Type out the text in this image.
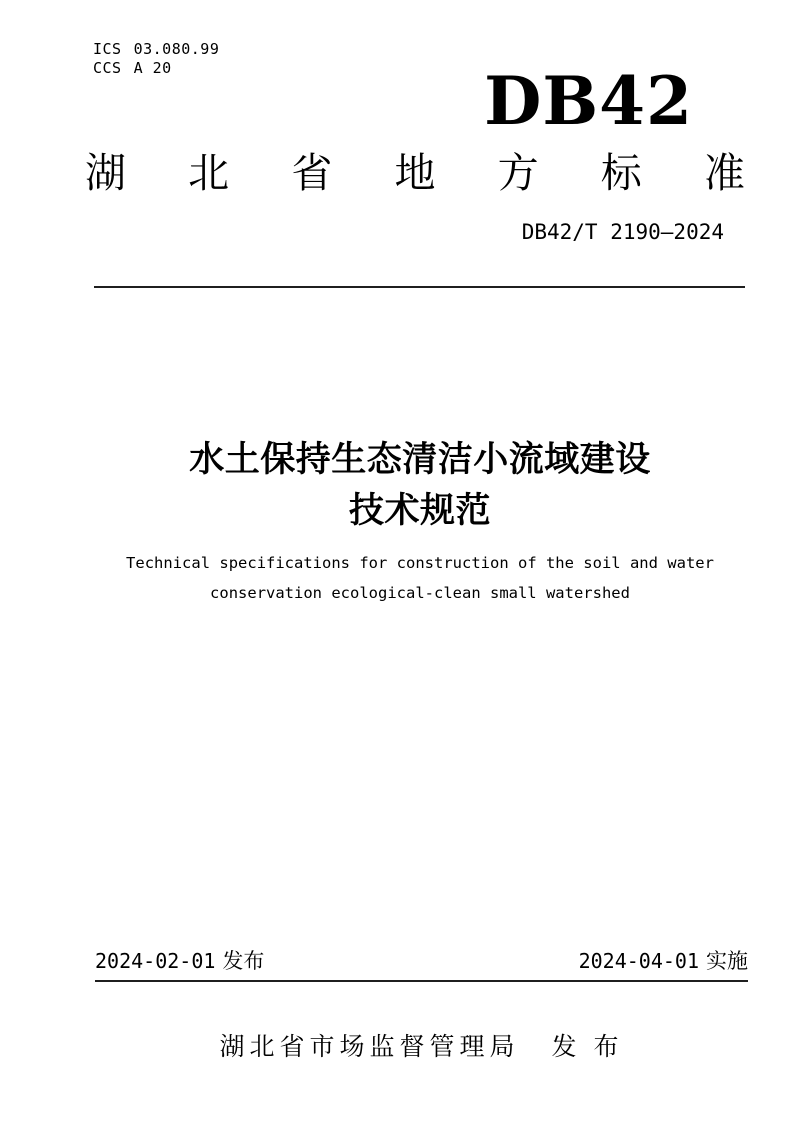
ICS 03.080.99
CCS A 20	DB42
湖 北 省 地 方 标 准
DB42/T 2190—2024
水土保持生态清洁小流域建设
技术规范
Technical specifications for construction of the soil and water
conservation ecological-clean small watershed
2024-02-01 发布	2024-04-01 实施
湖北省市场监督管理局 发 布
